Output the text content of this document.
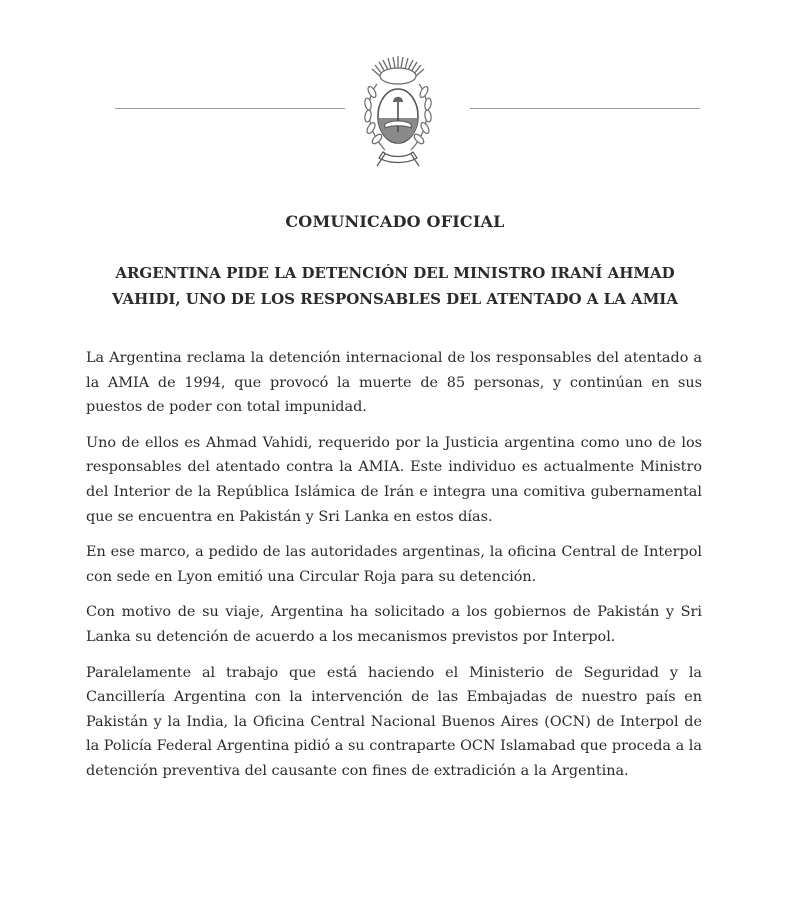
COMUNICADO OFICIAL
ARGENTINA PIDE LA DETENCIÓN DEL MINISTRO IRANÍ AHMAD
VAHIDI, UNO DE LOS RESPONSABLES DEL ATENTADO A LA AMIA

La Argentina reclama la detención internacional de los responsables del atentado a la AMIA de 1994, que provocó la muerte de 85 personas, y continúan en sus puestos de poder con total impunidad.

Uno de ellos es Ahmad Vahidi, requerido por la Justicia argentina como uno de los responsables del atentado contra la AMIA. Este individuo es actualmente Ministro del Interior de la República Islámica de Irán e integra una comitiva gubernamental que se encuentra en Pakistán y Sri Lanka en estos días.

En ese marco, a pedido de las autoridades argentinas, la oficina Central de Interpol con sede en Lyon emitió una Circular Roja para su detención.

Con motivo de su viaje, Argentina ha solicitado a los gobiernos de Pakistán y Sri Lanka su detención de acuerdo a los mecanismos previstos por Interpol.

Paralelamente al trabajo que está haciendo el Ministerio de Seguridad y la Cancillería Argentina con la intervención de las Embajadas de nuestro país en Pakistán y la India, la Oficina Central Nacional Buenos Aires (OCN) de Interpol de la Policía Federal Argentina pidió a su contraparte OCN Islamabad que proceda a la detención preventiva del causante con fines de extradición a la Argentina.
